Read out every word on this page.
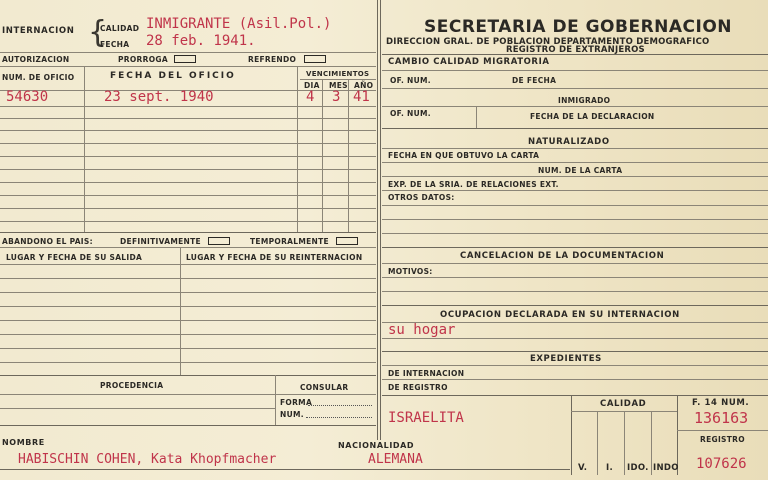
INTERNACION {
CALIDAD INMIGRANTE (Asil.Pol.)
FECHA 28 feb. 1941.
AUTORIZACION	PRORROGA	REFRENDO
NUM. DE OFICIO	FECHA DEL OFICIO	VENCIMIENTOS
DIA MES AÑO
54630	23 sept. 1940	4 3 41
ABANDONO EL PAIS:	DEFINITIVAMENTE	TEMPORALMENTE
LUGAR Y FECHA DE SU SALIDA	LUGAR Y FECHA DE SU REINTERNACION
PROCEDENCIA	CONSULAR
FORMA
NUM.
NOMBRE	NACIONALIDAD
HABISCHIN COHEN, Kata Khopfmacher	ALEMANA
SECRETARIA DE GOBERNACION
DIRECCION GRAL. DE POBLACION DEPARTAMENTO DEMOGRAFICO
REGISTRO DE EXTRANJEROS
CAMBIO CALIDAD MIGRATORIA
OF. NUM.	DE FECHA
INMIGRADO
OF. NUM.	FECHA DE LA DECLARACION
NATURALIZADO
FECHA EN QUE OBTUVO LA CARTA
NUM. DE LA CARTA
EXP. DE LA SRIA. DE RELACIONES EXT.
OTROS DATOS:
CANCELACION DE LA DOCUMENTACION
MOTIVOS:
OCUPACION DECLARADA EN SU INTERNACION
su hogar
EXPEDIENTES
DE INTERNACION
DE REGISTRO
ISRAELITA
CALIDAD
V. I. IDO. INDO
F. 14 NUM.
136163
REGISTRO
107626
